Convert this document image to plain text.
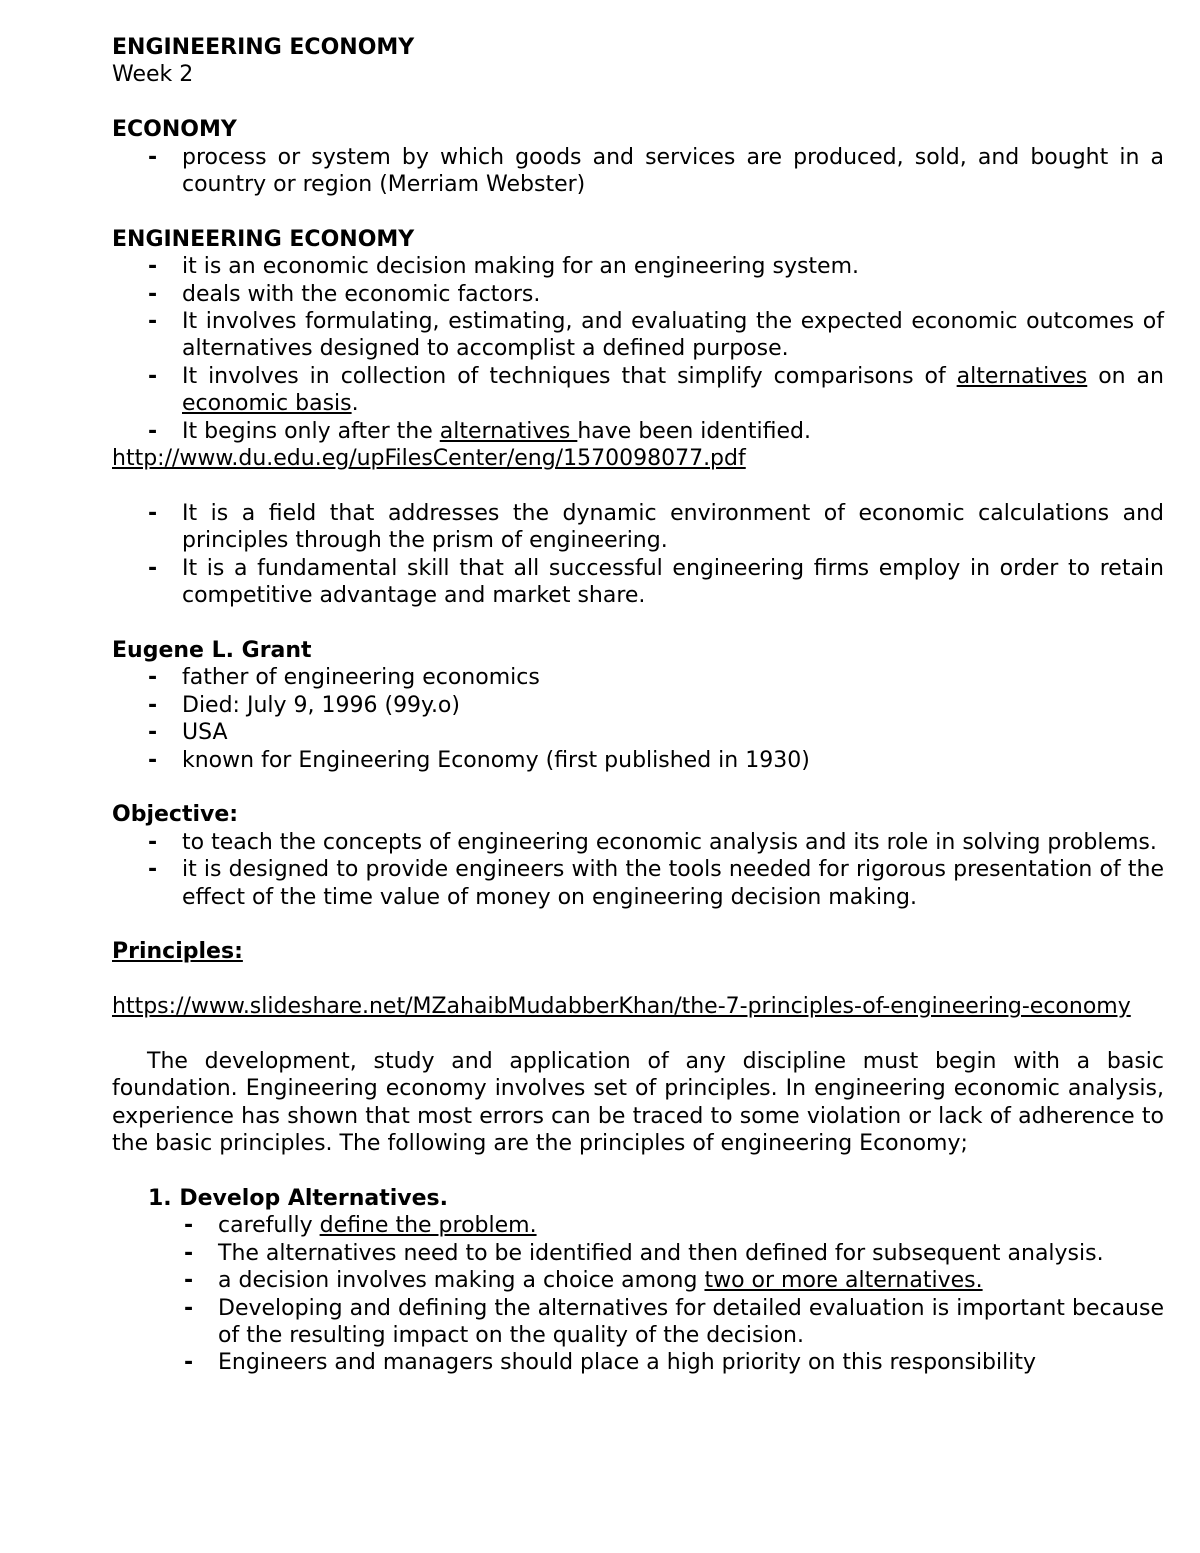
ENGINEERING ECONOMY
Week 2
ECONOMY
- process or system by which goods and services are produced, sold, and bought in a country or region (Merriam Webster)
ENGINEERING ECONOMY
- it is an economic decision making for an engineering system.
- deals with the economic factors.
- It involves formulating, estimating, and evaluating the expected economic outcomes of alternatives designed to accomplist a defined purpose.
- It involves in collection of techniques that simplify comparisons of alternatives on an economic basis.
- It begins only after the alternatives have been identified.
http://www.du.edu.eg/upFilesCenter/eng/1570098077.pdf
- It is a field that addresses the dynamic environment of economic calculations and principles through the prism of engineering.
- It is a fundamental skill that all successful engineering firms employ in order to retain competitive advantage and market share.
Eugene L. Grant
- father of engineering economics
- Died: July 9, 1996 (99y.o)
- USA
- known for Engineering Economy (first published in 1930)
Objective:
- to teach the concepts of engineering economic analysis and its role in solving problems.
- it is designed to provide engineers with the tools needed for rigorous presentation of the effect of the time value of money on engineering decision making.
Principles:
https://www.slideshare.net/MZahaibMudabberKhan/the-7-principles-of-engineering-economy
The development, study and application of any discipline must begin with a basic foundation. Engineering economy involves set of principles. In engineering economic analysis, experience has shown that most errors can be traced to some violation or lack of adherence to the basic principles. The following are the principles of engineering Economy;
1. Develop Alternatives.
- carefully define the problem.
- The alternatives need to be identified and then defined for subsequent analysis.
- a decision involves making a choice among two or more alternatives.
- Developing and defining the alternatives for detailed evaluation is important because of the resulting impact on the quality of the decision.
- Engineers and managers should place a high priority on this responsibility
